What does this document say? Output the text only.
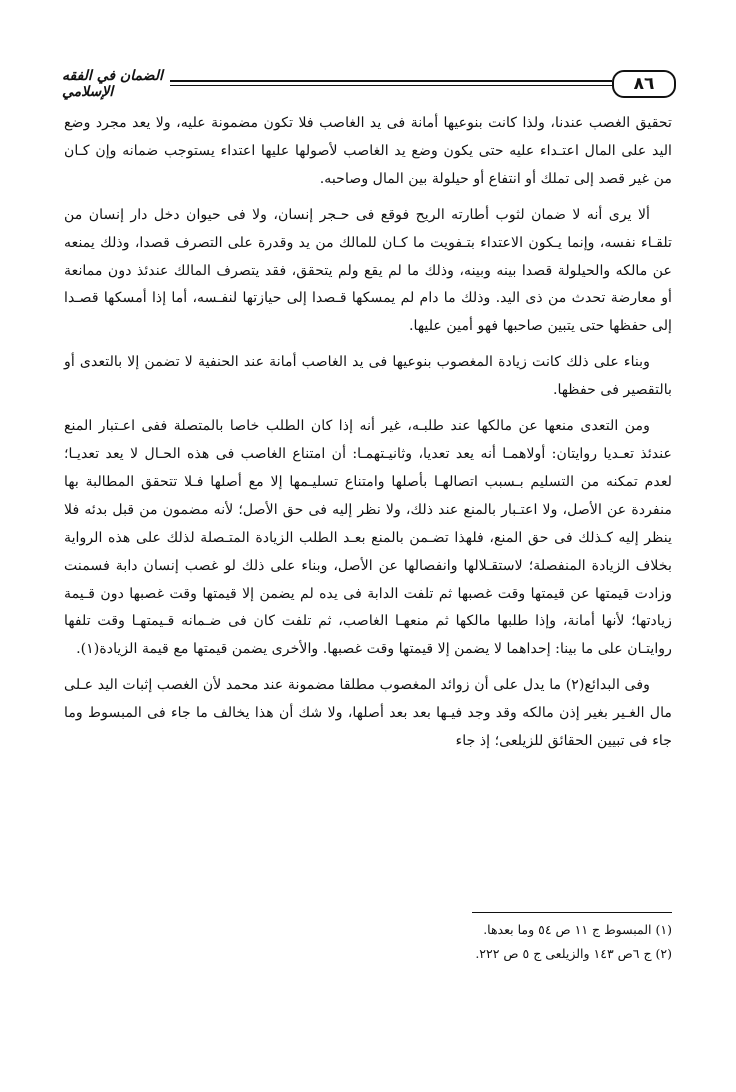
الضمان في الفقه الإسلامي	٨٦

تحقيق الغصب عندنا، ولذا كانت بنوعيها أمانة فى يد الغاصب فلا تكون مضمونة عليه، ولا يعد مجرد وضع اليد على المال اعتـداء عليه حتى يكون وضع يد الغاصب لأصولها عليها اعتداء يستوجب ضمانه وإن كـان من غير قصد إلى تملك أو انتفاع أو حيلولة بين المال وصاحبه.

ألا يرى أنه لا ضمان لثوب أطارته الريح فوقع فى حـجر إنسان، ولا فى حيوان دخل دار إنسان من تلقـاء نفسه، وإنما يـكون الاعتداء بتـفويت ما كـان للمالك من يد وقدرة على التصرف قصدا، وذلك يمنعه عن مالكه والحيلولة قصدا بينه وبينه، وذلك ما لم يقع ولم يتحقق، فقد يتصرف المالك عندئذ دون ممانعة أو معارضة تحدث من ذى اليد. وذلك ما دام لم يمسكها قـصدا إلى حيازتها لنفـسه، أما إذا أمسكها قصـدا إلى حفظها حتى يتبين صاحبها فهو أمين عليها.

وبناء على ذلك كانت زيادة المغصوب بنوعيها فى يد الغاصب أمانة عند الحنفية لا تضمن إلا بالتعدى أو بالتقصير فى حفظها.

ومن التعدى منعها عن مالكها عند طلبـه، غير أنه إذا كان الطلب خاصا بالمتصلة ففى اعـتبار المنع عندئذ تعـديا روايتان: أولاهمـا أنه يعد تعديا، وثانيـتهمـا: أن امتناع الغاصب فى هذه الحـال لا يعد تعديـا؛ لعدم تمكنه من التسليم بـسبب اتصالهـا بأصلها وامتناع تسليـمها إلا مع أصلها فـلا تتحقق المطالبة بها منفردة عن الأصل، ولا اعتـبار بالمنع عند ذلك، ولا نظر إليه فى حق الأصل؛ لأنه مضمون من قبل بدئه فلا ينظر إليه كـذلك فى حق المنع، فلهذا تضـمن بالمنع بعـد الطلب الزيادة المتـصلة لذلك على هذه الرواية بخلاف الزيادة المنفصلة؛ لاستقـلالها وانفصالها عن الأصل، وبناء على ذلك لو غصب إنسان دابة فسمنت وزادت قيمتها عن قيمتها وقت غصبها ثم تلفت الدابة فى يده لم يضمن إلا قيمتها وقت غصبها دون قـيمة زيادتها؛ لأنها أمانة، وإذا طلبها مالكها ثم منعهـا الغاصب، ثم تلفت كان فى ضـمانه قـيمتهـا وقت تلفها روايتـان على ما بينا: إحداهما لا يضمن إلا قيمتها وقت غصبها. والأخرى يضمن قيمتها مع قيمة الزيادة(١).

وفى البدائع(٢) ما يدل على أن زوائد المغصوب مطلقا مضمونة عند محمد لأن الغصب إثبات اليد عـلى مال الغـير بغير إذن مالكه وقد وجد فيـها بعد بعد أصلها، ولا شك أن هذا يخالف ما جاء فى المبسوط وما جاء فى تبيين الحقائق للزيلعى؛ إذ جاء

(١) المبسوط ج ١١ ص ٥٤ وما بعدها.
(٢) ج ٦ص ١٤٣ والزيلعى ج ٥ ص ٢٢٢.
